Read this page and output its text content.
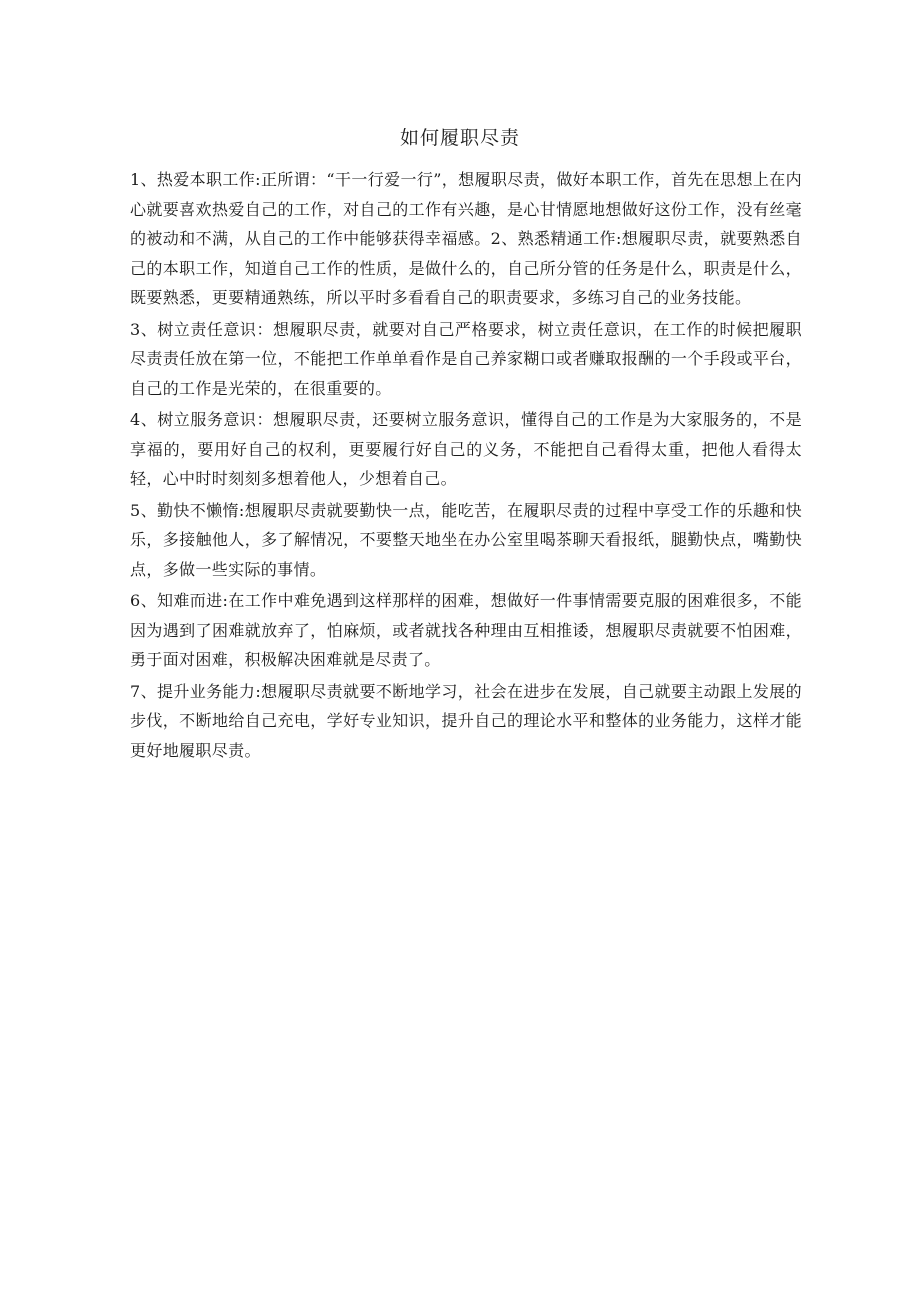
如何履职尽责

1、热爱本职工作:正所谓：“干一行爱一行”，想履职尽责，做好本职工作，首先在思想上在内心就要喜欢热爱自己的工作，对自己的工作有兴趣，是心甘情愿地想做好这份工作，没有丝毫的被动和不满，从自己的工作中能够获得幸福感。2、熟悉精通工作:想履职尽责，就要熟悉自己的本职工作，知道自己工作的性质，是做什么的，自己所分管的任务是什么，职责是什么，既要熟悉，更要精通熟练，所以平时多看看自己的职责要求，多练习自己的业务技能。

3、树立责任意识：想履职尽责，就要对自己严格要求，树立责任意识，在工作的时候把履职尽责责任放在第一位，不能把工作单单看作是自己养家糊口或者赚取报酬的一个手段或平台，自己的工作是光荣的，在很重要的。

4、树立服务意识：想履职尽责，还要树立服务意识，懂得自己的工作是为大家服务的，不是享福的，要用好自己的权利，更要履行好自己的义务，不能把自己看得太重，把他人看得太轻，心中时时刻刻多想着他人，少想着自己。

5、勤快不懒惰:想履职尽责就要勤快一点，能吃苦，在履职尽责的过程中享受工作的乐趣和快乐，多接触他人，多了解情况，不要整天地坐在办公室里喝茶聊天看报纸，腿勤快点，嘴勤快点，多做一些实际的事情。

6、知难而进:在工作中难免遇到这样那样的困难，想做好一件事情需要克服的困难很多，不能因为遇到了困难就放弃了，怕麻烦，或者就找各种理由互相推诿，想履职尽责就要不怕困难，勇于面对困难，积极解决困难就是尽责了。

7、提升业务能力:想履职尽责就要不断地学习，社会在进步在发展，自己就要主动跟上发展的步伐，不断地给自己充电，学好专业知识，提升自己的理论水平和整体的业务能力，这样才能更好地履职尽责。
